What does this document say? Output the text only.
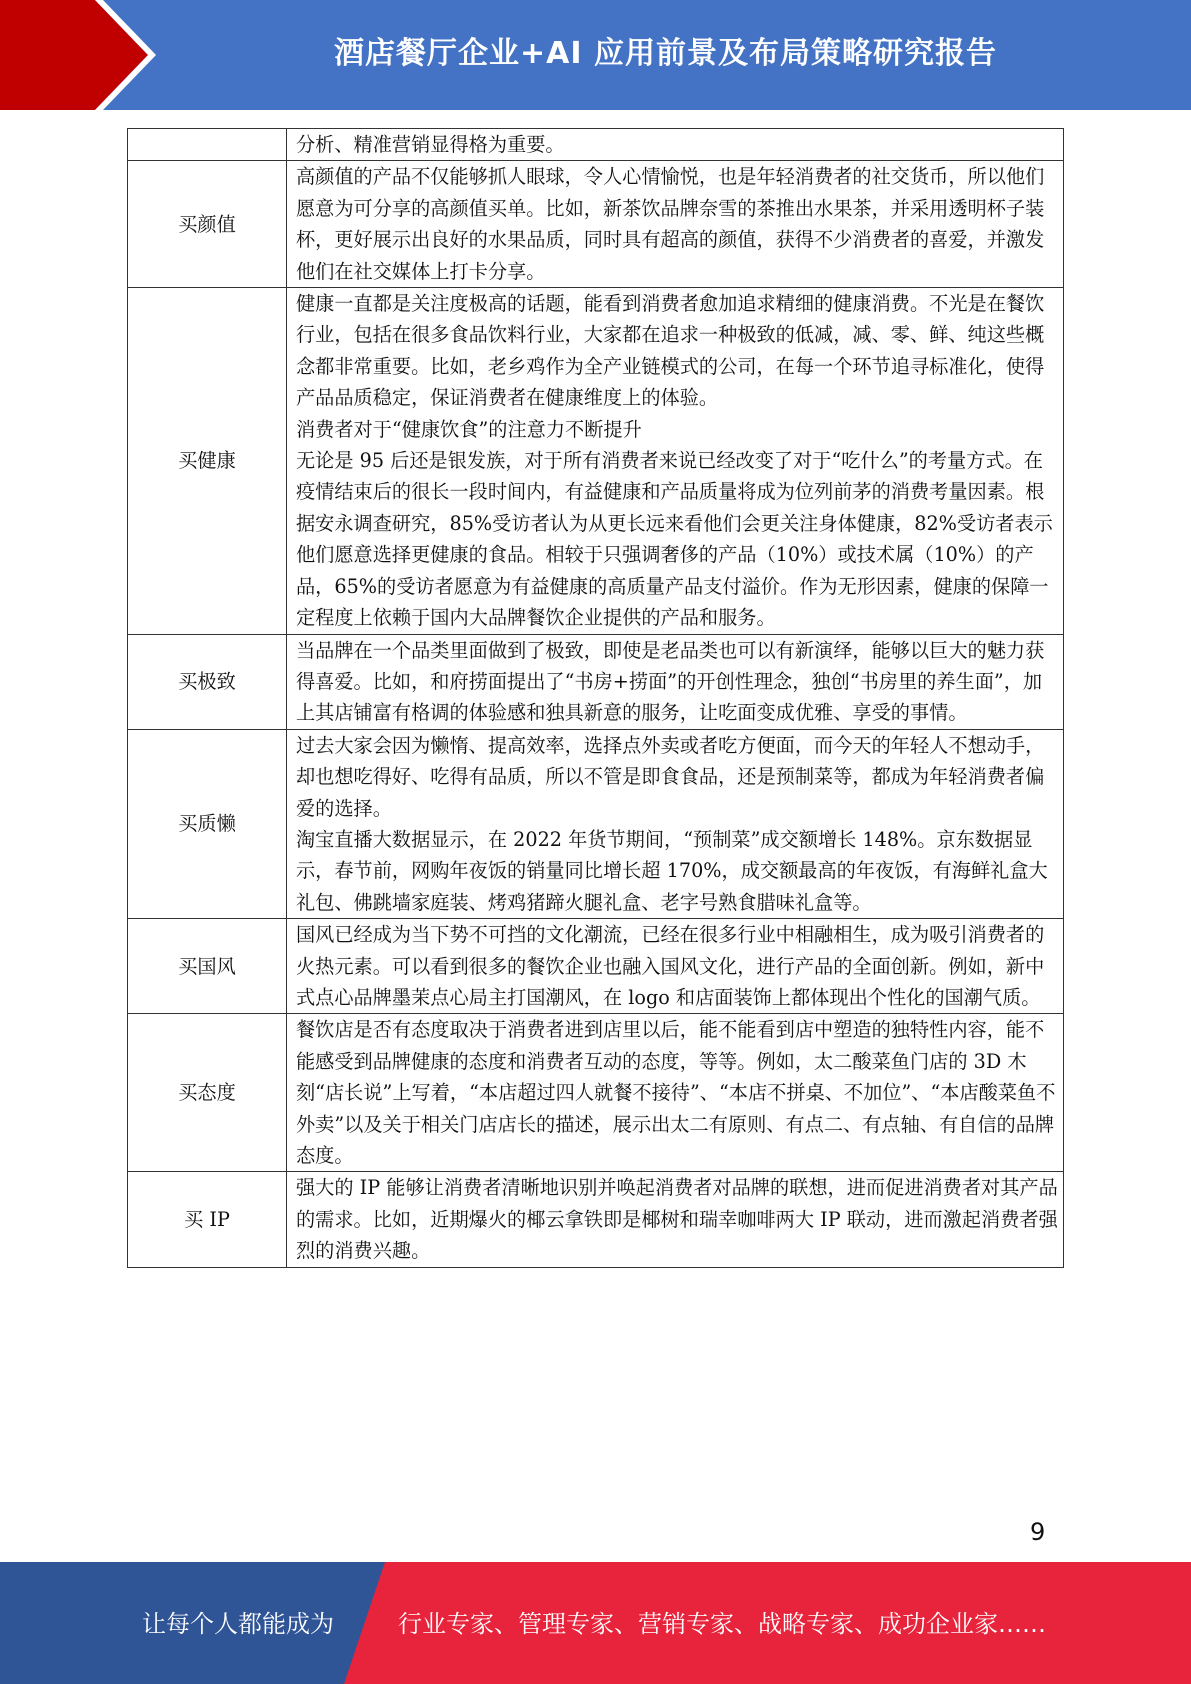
酒店餐厅企业+AI 应用前景及布局策略研究报告

	分析、精准营销显得格为重要。

买颜值	高颜值的产品不仅能够抓人眼球，令人心情愉悦，也是年轻消费者的社交货币，所以他们愿意为可分享的高颜值买单。比如，新茶饮品牌奈雪的茶推出水果茶，并采用透明杯子装杯，更好展示出良好的水果品质，同时具有超高的颜值，获得不少消费者的喜爱，并激发他们在社交媒体上打卡分享。

买健康	健康一直都是关注度极高的话题，能看到消费者愈加追求精细的健康消费。不光是在餐饮行业，包括在很多食品饮料行业，大家都在追求一种极致的低减，减、零、鲜、纯这些概念都非常重要。比如，老乡鸡作为全产业链模式的公司，在每一个环节追寻标准化，使得产品品质稳定，保证消费者在健康维度上的体验。
消费者对于“健康饮食”的注意力不断提升
无论是 95 后还是银发族，对于所有消费者来说已经改变了对于“吃什么”的考量方式。在疫情结束后的很长一段时间内，有益健康和产品质量将成为位列前茅的消费考量因素。根据安永调查研究，85%受访者认为从更长远来看他们会更关注身体健康，82%受访者表示他们愿意选择更健康的食品。相较于只强调奢侈的产品（10%）或技术属（10%）的产品，65%的受访者愿意为有益健康的高质量产品支付溢价。作为无形因素，健康的保障一定程度上依赖于国内大品牌餐饮企业提供的产品和服务。

买极致	当品牌在一个品类里面做到了极致，即使是老品类也可以有新演绎，能够以巨大的魅力获得喜爱。比如，和府捞面提出了“书房+捞面”的开创性理念，独创“书房里的养生面”，加上其店铺富有格调的体验感和独具新意的服务，让吃面变成优雅、享受的事情。

买质懒	过去大家会因为懒惰、提高效率，选择点外卖或者吃方便面，而今天的年轻人不想动手，却也想吃得好、吃得有品质，所以不管是即食食品，还是预制菜等，都成为年轻消费者偏爱的选择。
淘宝直播大数据显示，在 2022 年货节期间，“预制菜”成交额增长 148%。京东数据显示，春节前，网购年夜饭的销量同比增长超 170%，成交额最高的年夜饭，有海鲜礼盒大礼包、佛跳墙家庭装、烤鸡猪蹄火腿礼盒、老字号熟食腊味礼盒等。

买国风	国风已经成为当下势不可挡的文化潮流，已经在很多行业中相融相生，成为吸引消费者的火热元素。可以看到很多的餐饮企业也融入国风文化，进行产品的全面创新。例如，新中式点心品牌墨茉点心局主打国潮风，在 logo 和店面装饰上都体现出个性化的国潮气质。

买态度	餐饮店是否有态度取决于消费者进到店里以后，能不能看到店中塑造的独特性内容，能不能感受到品牌健康的态度和消费者互动的态度，等等。例如，太二酸菜鱼门店的 3D 木刻“店长说”上写着，“本店超过四人就餐不接待”、“本店不拼桌、不加位”、“本店酸菜鱼不外卖”以及关于相关门店店长的描述，展示出太二有原则、有点二、有点轴、有自信的品牌态度。

买 IP	强大的 IP 能够让消费者清晰地识别并唤起消费者对品牌的联想，进而促进消费者对其产品的需求。比如，近期爆火的椰云拿铁即是椰树和瑞幸咖啡两大 IP 联动，进而激起消费者强烈的消费兴趣。
9
让每个人都能成为	行业专家、管理专家、营销专家、战略专家、成功企业家……
